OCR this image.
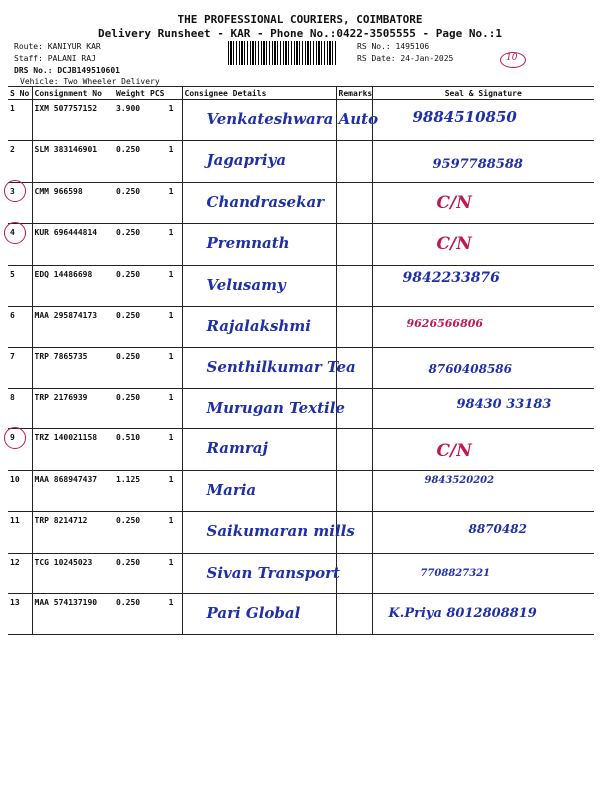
THE PROFESSIONAL COURIERS, COIMBATORE
Delivery Runsheet - KAR - Phone No.:0422-3505555 - Page No.:1
Route: KANIYUR KAR
Staff: PALANI RAJ
DRS No.: DCJB149510601
Vehicle: Two Wheeler Delivery
RS No.: 1495106
RS Date: 24-Jan-2025	10
S No	Consignment No	Weight	PCS	Consignee Details	Remarks	Seal & Signature
1	IXM 507757152	3.900	1	Venkateshwara Auto		9884510850

2	SLM 383146901	0.250	1	Jagapriya		9597788588

3	CMM 966598	0.250	1	Chandrasekar		C/N

4	KUR 696444814	0.250	1	Premnath		C/N

5	EDQ 14486698	0.250	1	Velusamy		9842233876

6	MAA 295874173	0.250	1	Rajalakshmi		9626566806

7	TRP 7865735	0.250	1	Senthilkumar Tea		8760408586

8	TRP 2176939	0.250	1	Murugan Textile		98430 33183

9	TRZ 140021158	0.510	1	Ramraj		C/N

10	MAA 868947437	1.125	1	Maria		9843520202

11	TRP 8214712	0.250	1	Saikumaran mills		8870482

12	TCG 10245023	0.250	1	Sivan Transport		7708827321

13	MAA 574137190	0.250	1	Pari Global		K.Priya 8012808819
